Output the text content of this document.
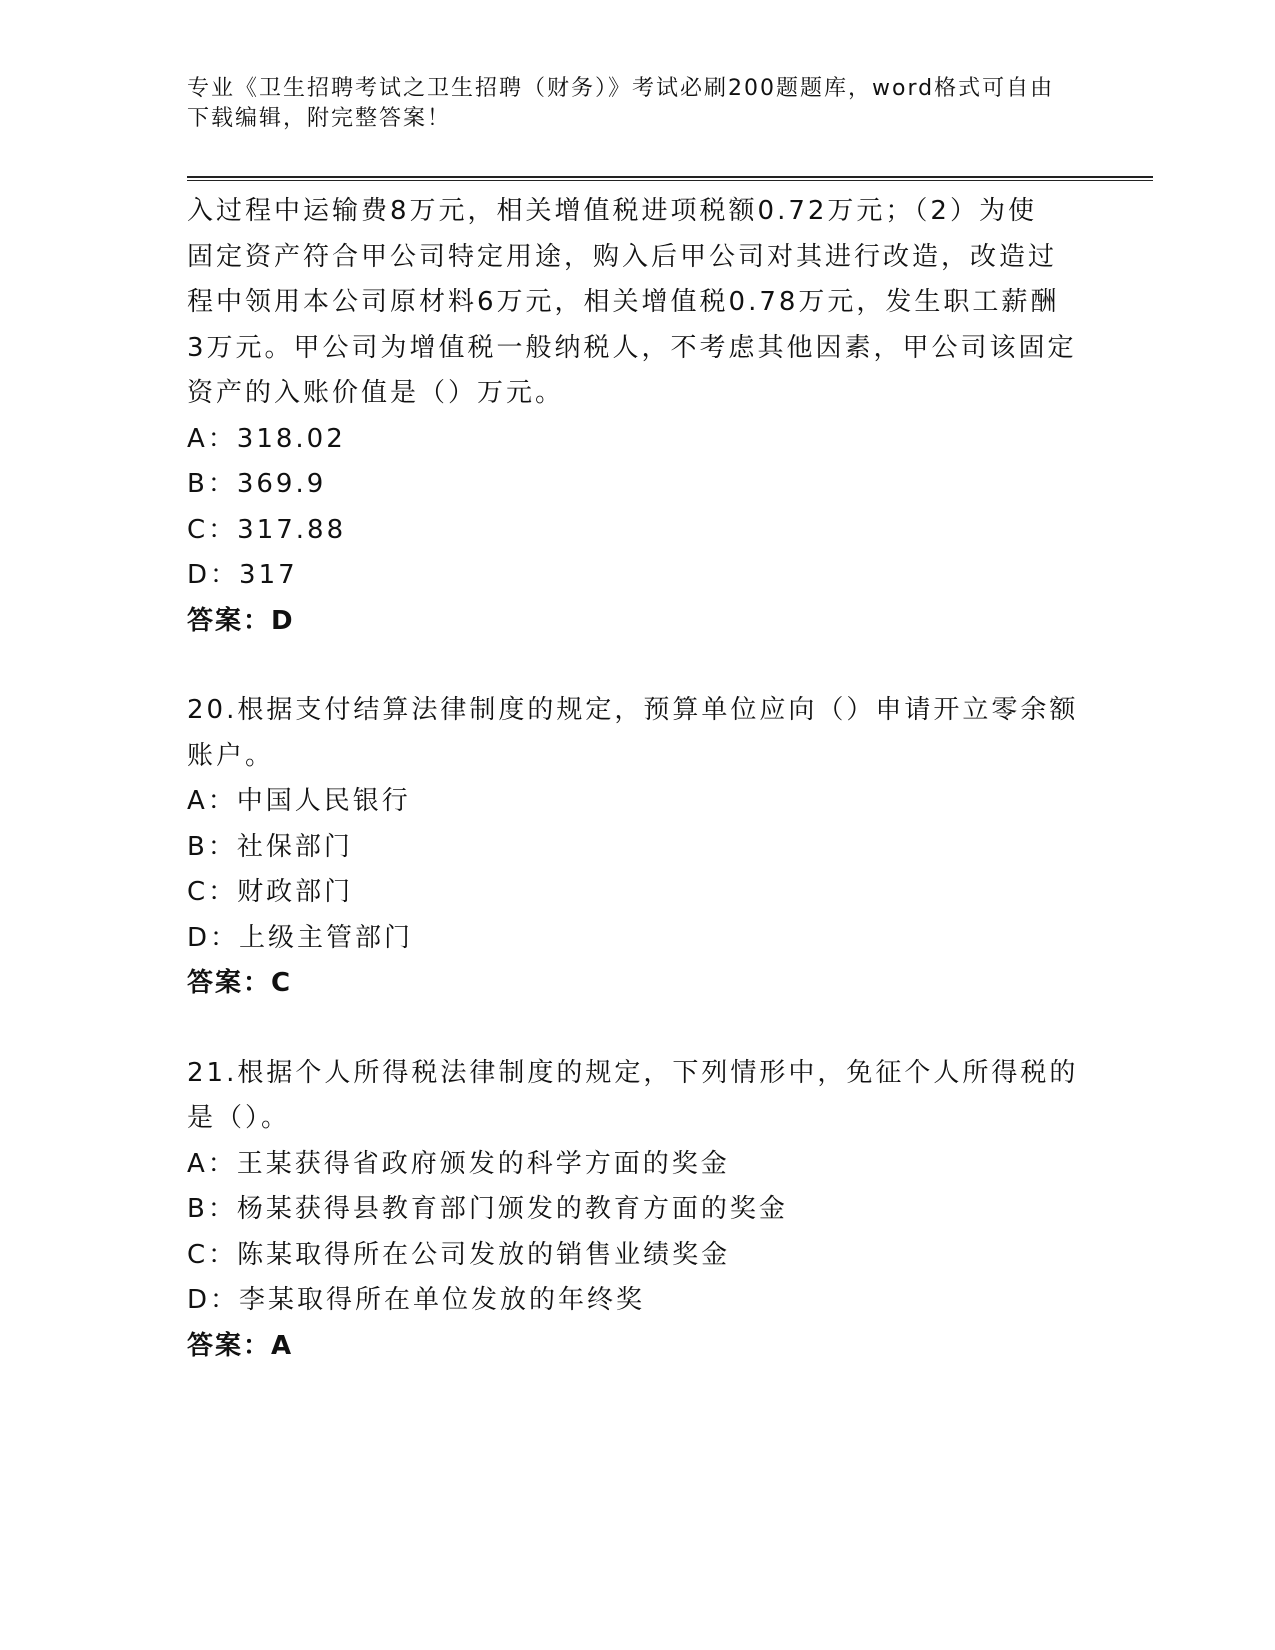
专业《卫生招聘考试之卫生招聘（财务）》考试必刷200题题库，word格式可自由下载编辑，附完整答案！
入过程中运输费8万元，相关增值税进项税额0.72万元；（2）为使
固定资产符合甲公司特定用途，购入后甲公司对其进行改造，改造过
程中领用本公司原材料6万元，相关增值税0.78万元，发生职工薪酬
3万元。甲公司为增值税一般纳税人，不考虑其他因素，甲公司该固定
资产的入账价值是（）万元。
A：318.02
B：369.9
C：317.88
D：317
答案：D
20.根据支付结算法律制度的规定，预算单位应向（）申请开立零余额
账户。
A：中国人民银行
B：社保部门
C：财政部门
D：上级主管部门
答案：C
21.根据个人所得税法律制度的规定，下列情形中，免征个人所得税的
是（）。
A：王某获得省政府颁发的科学方面的奖金
B：杨某获得县教育部门颁发的教育方面的奖金
C：陈某取得所在公司发放的销售业绩奖金
D：李某取得所在单位发放的年终奖
答案：A
